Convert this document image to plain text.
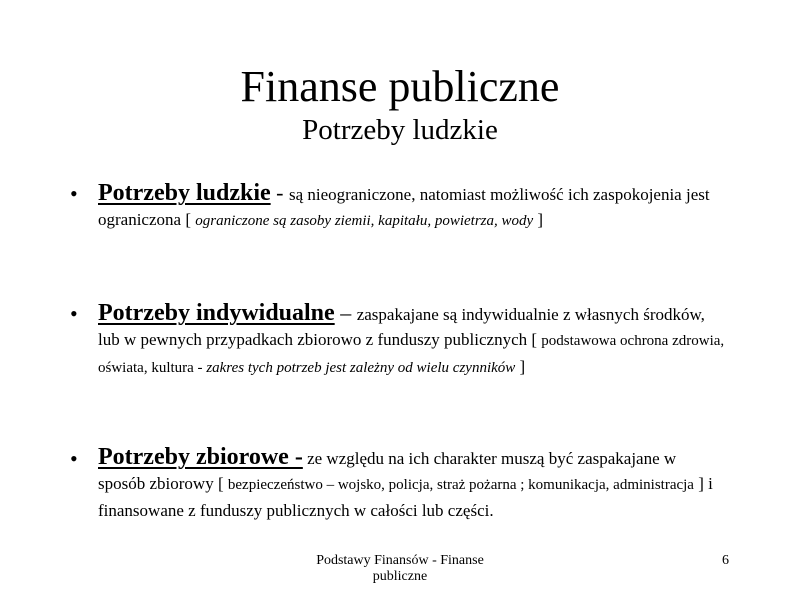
Finanse publiczne
Potrzeby ludzkie
• Potrzeby ludzkie - są nieograniczone, natomiast możliwość ich zaspokojenia jest ograniczona [ ograniczone są zasoby ziemii, kapitału, powietrza, wody ]
• Potrzeby indywidualne – zaspakajane są indywidualnie z własnych środków, lub w pewnych przypadkach zbiorowo z funduszy publicznych [ podstawowa ochrona zdrowia, oświata, kultura - zakres tych potrzeb jest zależny od wielu czynników ]
• Potrzeby zbiorowe - ze względu na ich charakter muszą być zaspakajane w sposób zbiorowy [ bezpieczeństwo – wojsko, policja, straż pożarna ; komunikacja, administracja ] i finansowane z funduszy publicznych w całości lub części.
Podstawy Finansów - Finanse publiczne
6
